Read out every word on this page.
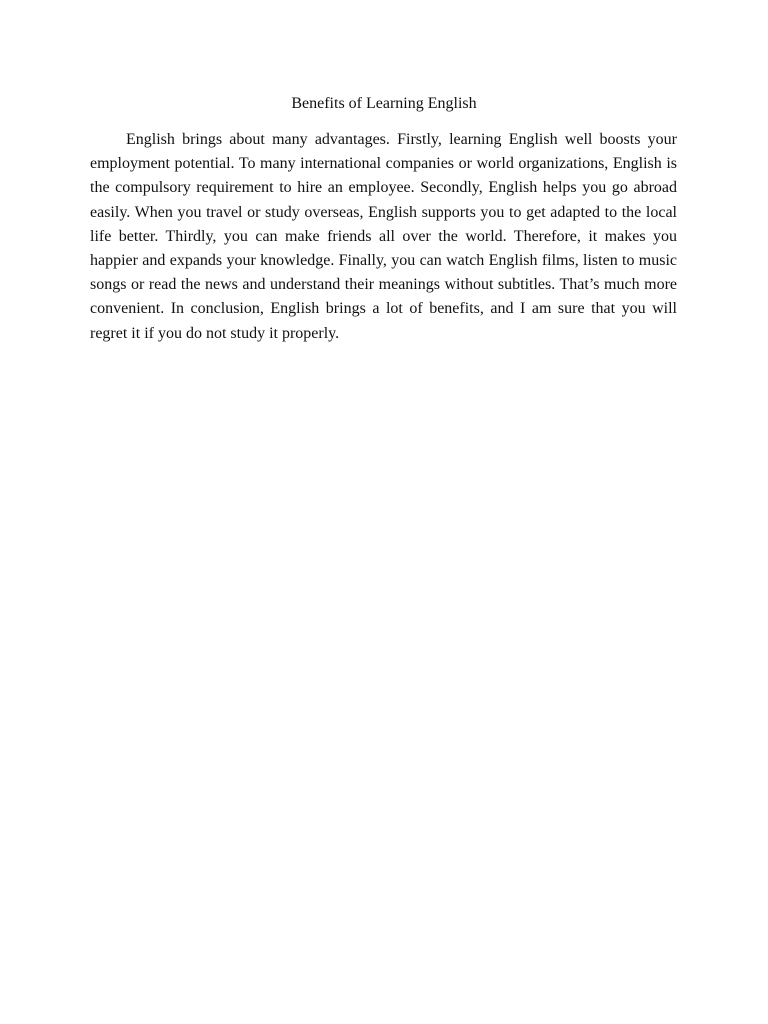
Benefits of Learning English

English brings about many advantages. Firstly, learning English well boosts your employment potential. To many international companies or world organizations, English is the compulsory requirement to hire an employee. Secondly, English helps you go abroad easily. When you travel or study overseas, English supports you to get adapted to the local life better. Thirdly, you can make friends all over the world. Therefore, it makes you happier and expands your knowledge. Finally, you can watch English films, listen to music songs or read the news and understand their meanings without subtitles. That’s much more convenient. In conclusion, English brings a lot of benefits, and I am sure that you will regret it if you do not study it properly.
